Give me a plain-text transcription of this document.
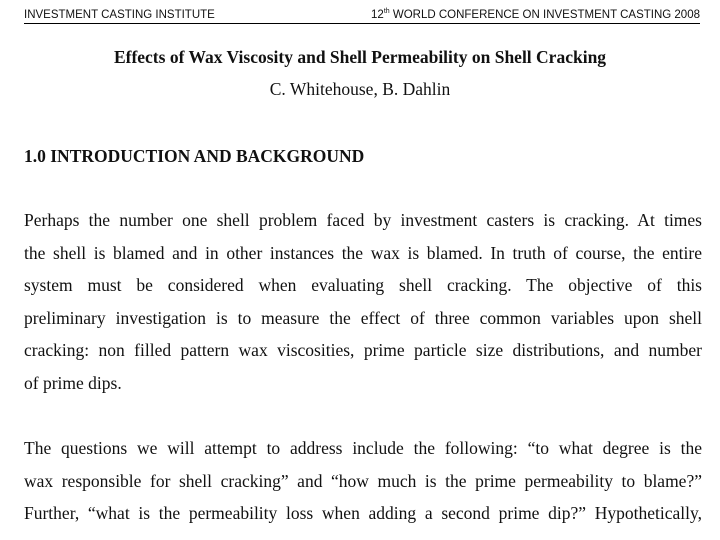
INVESTMENT CASTING INSTITUTE	12th WORLD CONFERENCE ON INVESTMENT CASTING 2008
Effects of Wax Viscosity and Shell Permeability on Shell Cracking
C. Whitehouse, B. Dahlin
1.0 INTRODUCTION AND BACKGROUND
Perhaps the number one shell problem faced by investment casters is cracking. At times
the shell is blamed and in other instances the wax is blamed. In truth of course, the entire
system must be considered when evaluating shell cracking. The objective of this
preliminary investigation is to measure the effect of three common variables upon shell
cracking: non filled pattern wax viscosities, prime particle size distributions, and number
of prime dips.
The questions we will attempt to address include the following: “to what degree is the
wax responsible for shell cracking” and “how much is the prime permeability to blame?”
Further, “what is the permeability loss when adding a second prime dip?” Hypothetically,
